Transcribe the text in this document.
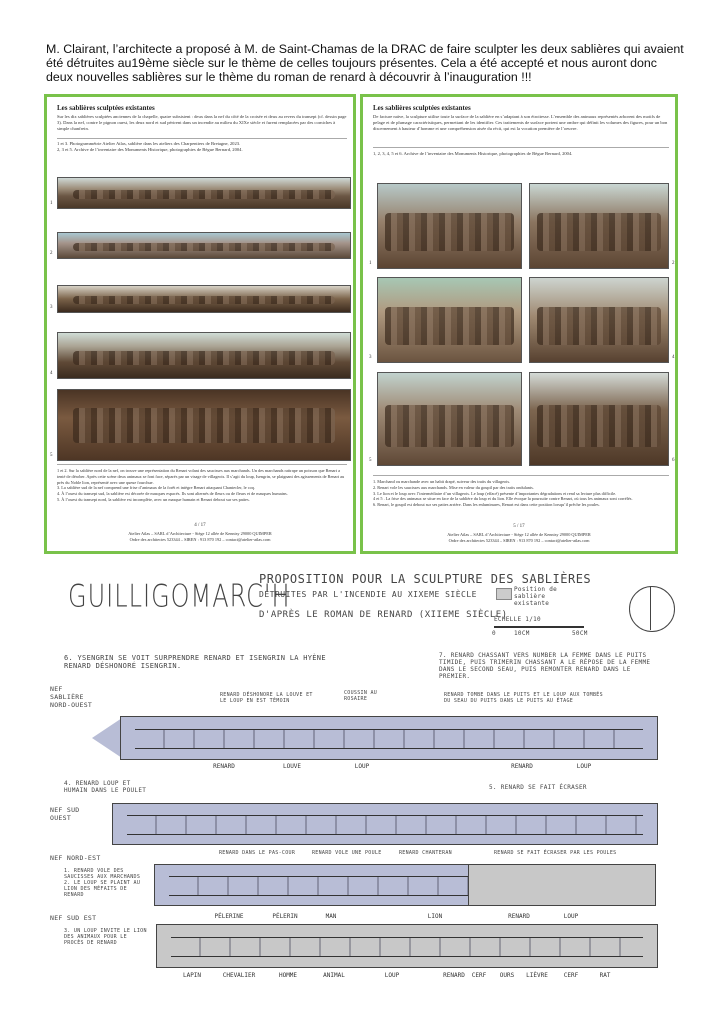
M. Clairant, l’architecte a proposé à M. de Saint-Chamas de la DRAC de faire sculpter les deux sablières qui avaient été détruites au19ème siècle sur le thème de celles toujours présentes. Cela a été accepté et nous auront donc deux nouvelles sablières sur le thème du roman de renard à découvrir à l’inauguration !!!
Les sablières sculptées existantes
Sur les dix sablières sculptées anciennes de la chapelle, quatre subsistent : deux dans la nef du côté de la croisée et deux au revers du transept (cf. dessin page 3). Dans la nef, contre le pignon ouest, les deux nord et sud périrent dans un incendie au milieu du XIXe siècle et furent remplacées par des corniches à simple chanfrein.
1 et 3. Photogrammétrie Atelier Atlas, sablière dans les ateliers des Charpentiers de Bretagne, 2023.
2, 3 et 5. Archive de l’inventaire des Monuments Historique, photographies de Bègue Bernard, 2004.
1
2
3
4
5
1 et 2. Sur la sablière nord de la nef, on trouve une représentation du Renart volant des saucisses aux marchands. Un des marchands rattrape un poisson que Renart a tenté de dérober. Après cette scène deux animaux se font face, séparés par un visage de villageois. Il s’agit du loup, Isengrin, se plaignant des agissements de Renart au près du Noble lion, représenté avec une queue fourchue.
3. La sablière sud de la nef comprend une frise d’animaux de la forêt et intègre Renart attaquant Chantecler, le coq.
4. À l’ouest du transept sud, la sablière est décorée de masques espacés. Ils sont alternés de fleurs ou de fleurs et de masques humains.
5. À l’ouest du transept nord, la sablière est incomplète, avec un masque humain et Renart debout sur ses pattes.
4 / 17
Atelier Atlas – SARL d’Architecture - Siège 12 allée de Kennisy 29000 QUIMPER
Ordre des architectes 523344 – SIREN : 913 870 192 – contact@atelier-atlas.com
Les sablières sculptées existantes
De facture naïve, la sculpture utilise toute la surface de la sablière en s’adaptant à son étroitesse. L’ensemble des animaux représentés arborent des motifs de pelage et de plumage caractéristiques, permettant de les identifier. Ces traitements de surface portent une ombre qui définit les volumes des figures, pour un bon discernement à hauteur d’homme et une compréhension aisée du récit, qui est la vocation première de l’oeuvre.
1, 2, 3, 4, 5 et 6. Archive de l’inventaire des Monuments Historique, photographies de Bègue Bernard, 2004.
1	2
3	4
5	6
1. Marchand ou marchande avec un habit drapé, suiveur des traits du villageois.
2. Renart vole les saucisses aux marchands. Mise en valeur du goupil par des traits ondulants.
3. Le lion et le loup avec l’intermédiaire d’un villageois. Le loup (effacé) présente d’importantes dégradations et rend sa lecture plus difficile.
4 et 5 . La frise des animaux se situe en face de la sablière du loup et du lion. Elle évoque la poursuite contre Renart, où tous les animaux sont corrélés.
6. Renart, le goupil est debout sur ses pattes arrière. Dans les enluminures, Renart est dans cette position lorsqu’il prêche les poules.
5 / 17
Atelier Atlas – SARL d’Architecture - Siège 12 allée de Kennisy 29000 QUIMPER
Ordre des architectes 523344 – SIREN : 913 870 192 – contact@atelier-atlas.com
GUILLIGOMARC'H
PROPOSITION POUR LA SCULPTURE DES SABLIÈRES
DÉTRUITES PAR L'INCENDIE AU XIXEME SIÈCLE
D'APRÈS LE ROMAN DE RENARD (XIIEME SIÈCLE)
Position de sablière existante
ÉCHELLE 1/10
0	10CM	50CM
6. YSENGRIN SE VOIT SURPRENDRE RENARD ET ISENGRIN LA HYÈNE
RENARD DÉSHONORÉ ISENGRIN.
7. RENARD CHASSANT VERS NUMBER LA FEMME DANS LE PUITS
TIMIDE, PUIS TRIMERIN CHASSANT A LE RÉPOSE DE LA FEMME
DANS LE SECOND SEAU, PUIS REMONTER RENARD DANS LE
PREMIER.
NEF SABLIÈRE NORD-OUEST
RENARD DÉSHONORE LA LOUVE ET LE LOUP EN EST TÉMOIN
COUSSIN AU ROSAIRE
RENARD TOMBE DANS LE PUITS ET LE LOUP AUX TOMBÉS DU SEAU DU PUITS DANS LE PUITS AU ÉTAGE
RENARD	LOUVE	LOUP	RENARD	LOUP
4. RENARD LOUP ET HUMAIN DANS LE POULET	5. RENARD SE FAIT ÉCRASER
NEF SUD OUEST
NEF NORD-EST
RENARD DANS LE PAS-COUR	RENARD VOLE UNE POULE	RENARD CHANTERAN	RENARD SE FAIT ÉCRASER PAR LES POULES
1. RENARD VOLE DES SAUCISSES AUX MARCHANDS
2. LE LOUP SE PLAINT AU LION DES MÉFAITS DE RENARD
NEF SUD EST
3. UN LOUP INVITE LE LION DES ANIMAUX POUR LE PROCÈS DE RENARD
PÉLERINE	PÉLERIN	MAN	LION	RENARD	LOUP
LAPIN	CHEVALIER	HOMME	ANIMAL	LOUP	RENARD	CERF	OURS	LIÈVRE	CERF	RAT
